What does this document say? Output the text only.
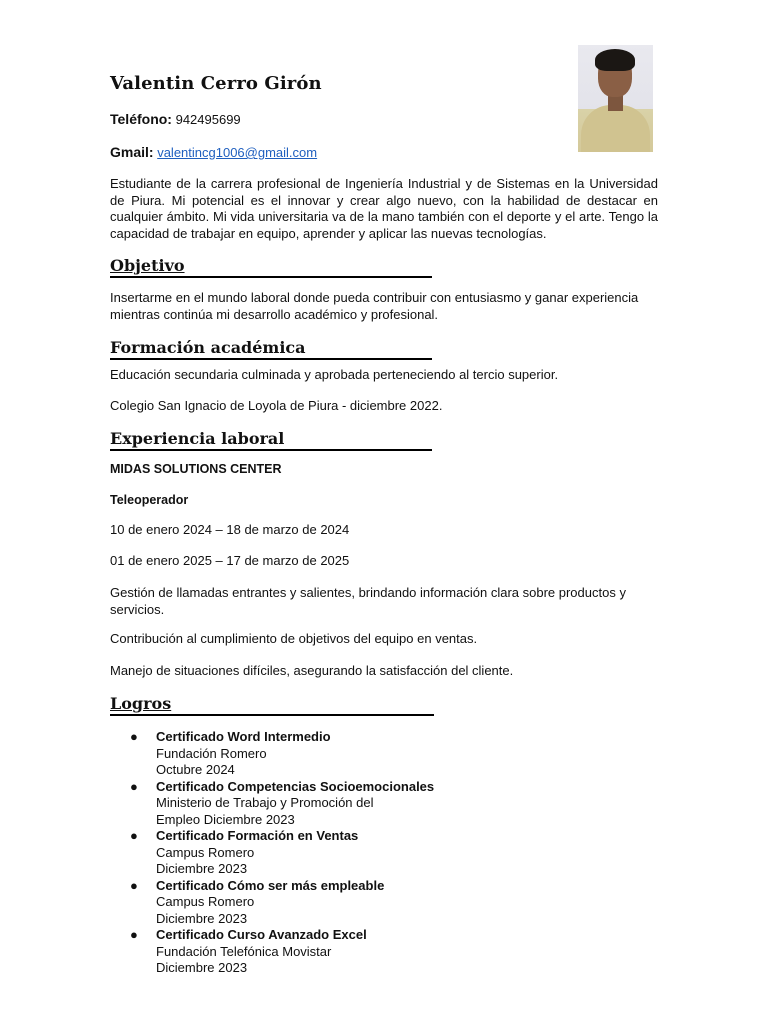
Valentin Cerro Girón
Teléfono: 942495699
Gmail: valentincg1006@gmail.com

Estudiante de la carrera profesional de Ingeniería Industrial y de Sistemas en la Universidad de Piura. Mi potencial es el innovar y crear algo nuevo, con la habilidad de destacar en cualquier ámbito. Mi vida universitaria va de la mano también con el deporte y el arte. Tengo la capacidad de trabajar en equipo, aprender y aplicar las nuevas tecnologías.

Objetivo

Insertarme en el mundo laboral donde pueda contribuir con entusiasmo y ganar experiencia mientras continúa mi desarrollo académico y profesional.

Formación académica

Educación secundaria culminada y aprobada perteneciendo al tercio superior.

Colegio San Ignacio de Loyola de Piura - diciembre 2022.

Experiencia laboral

MIDAS SOLUTIONS CENTER

Teleoperador

10 de enero 2024 – 18 de marzo de 2024

01 de enero 2025 – 17 de marzo de 2025

Gestión de llamadas entrantes y salientes, brindando información clara sobre productos y servicios.

Contribución al cumplimiento de objetivos del equipo en ventas.

Manejo de situaciones difíciles, asegurando la satisfacción del cliente.

Logros
● Certificado Word Intermedio
Fundación Romero
Octubre 2024
● Certificado Competencias Socioemocionales
Ministerio de Trabajo y Promoción del
Empleo Diciembre 2023
● Certificado Formación en Ventas
Campus Romero
Diciembre 2023
● Certificado Cómo ser más empleable
Campus Romero
Diciembre 2023
● Certificado Curso Avanzado Excel
Fundación Telefónica Movistar
Diciembre 2023
